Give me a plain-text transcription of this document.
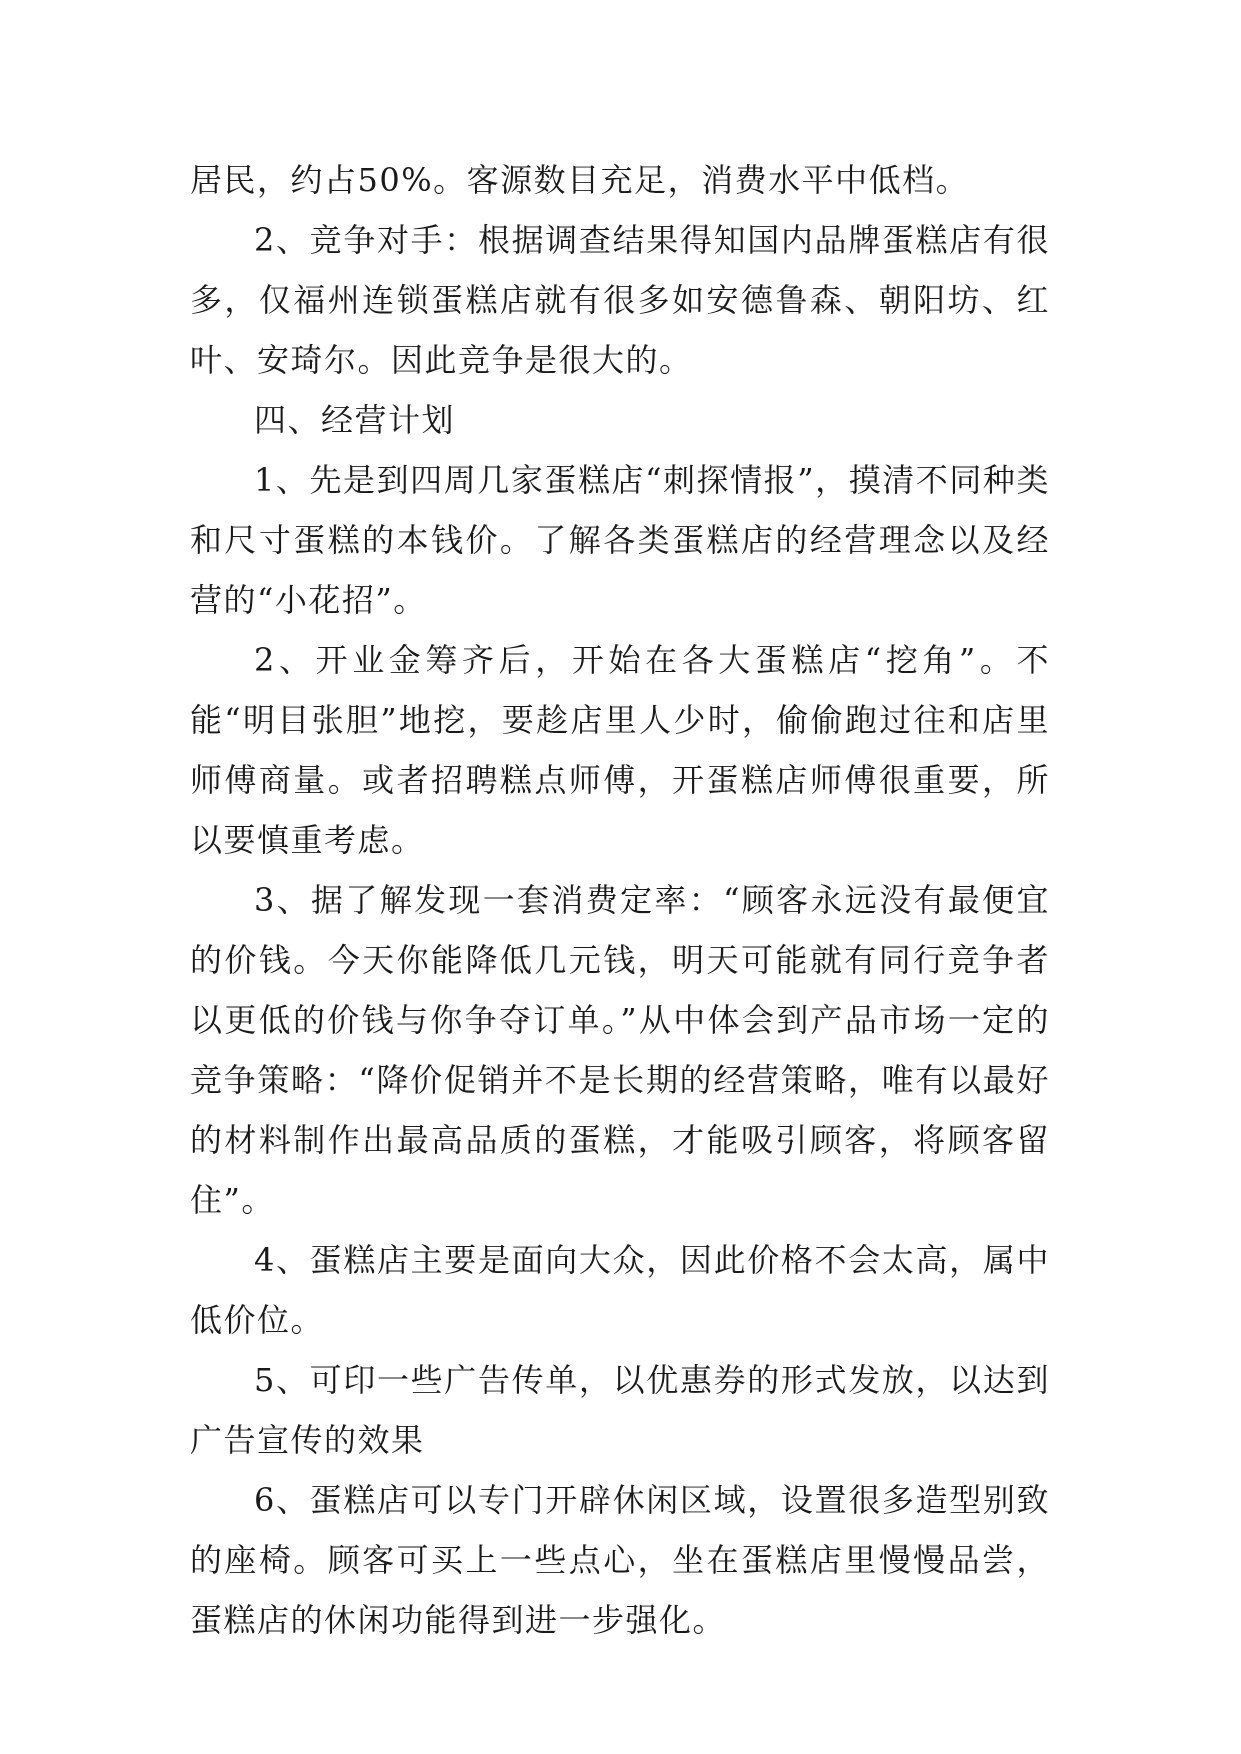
居民，约占50%。客源数目充足，消费水平中低档。

2、竞争对手：根据调查结果得知国内品牌蛋糕店有很多，仅福州连锁蛋糕店就有很多如安德鲁森、朝阳坊、红叶、安琦尔。因此竞争是很大的。

四、经营计划

1、先是到四周几家蛋糕店“刺探情报”，摸清不同种类和尺寸蛋糕的本钱价。了解各类蛋糕店的经营理念以及经营的“小花招”。

2、开业金筹齐后，开始在各大蛋糕店“挖角”。不能“明目张胆”地挖，要趁店里人少时，偷偷跑过往和店里师傅商量。或者招聘糕点师傅，开蛋糕店师傅很重要，所以要慎重考虑。

3、据了解发现一套消费定率：“顾客永远没有最便宜的价钱。今天你能降低几元钱，明天可能就有同行竞争者以更低的价钱与你争夺订单。”从中体会到产品市场一定的竞争策略：“降价促销并不是长期的经营策略，唯有以最好的材料制作出最高品质的蛋糕，才能吸引顾客，将顾客留住”。

4、蛋糕店主要是面向大众，因此价格不会太高，属中低价位。

5、可印一些广告传单，以优惠券的形式发放，以达到广告宣传的效果

6、蛋糕店可以专门开辟休闲区域，设置很多造型别致的座椅。顾客可买上一些点心，坐在蛋糕店里慢慢品尝，蛋糕店的休闲功能得到进一步强化。
